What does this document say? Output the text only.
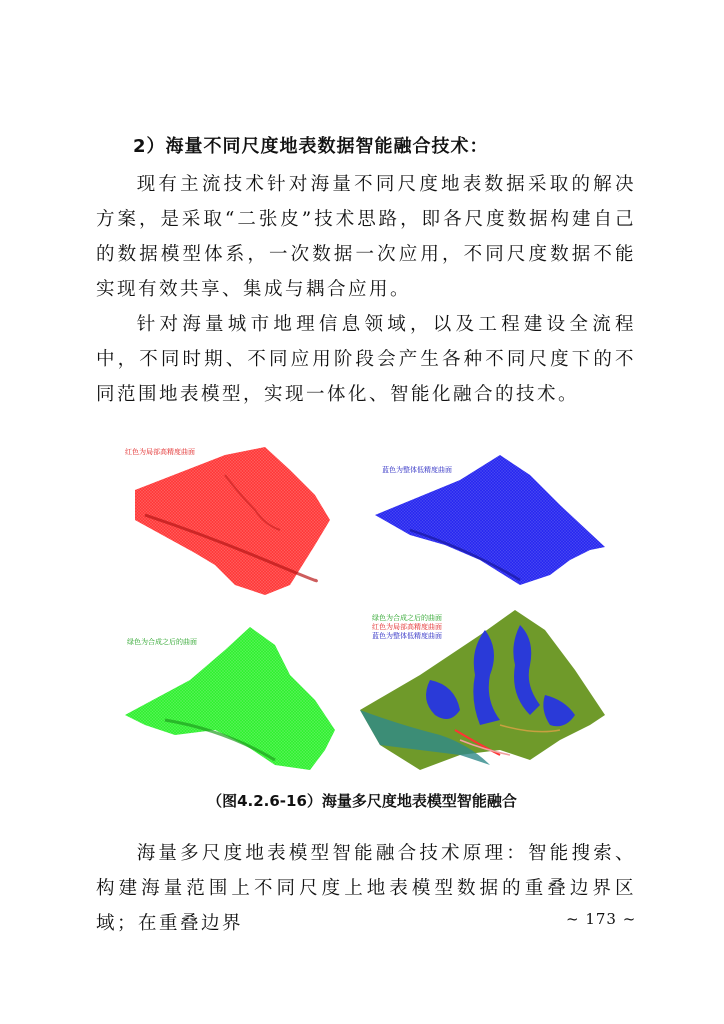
2）海量不同尺度地表数据智能融合技术：

现有主流技术针对海量不同尺度地表数据采取的解决方案，是采取“二张皮”技术思路，即各尺度数据构建自己的数据模型体系，一次数据一次应用，不同尺度数据不能实现有效共享、集成与耦合应用。

针对海量城市地理信息领域，以及工程建设全流程中，不同时期、不同应用阶段会产生各种不同尺度下的不同范围地表模型，实现一体化、智能化融合的技术。

红色为局部高精度曲面
蓝色为整体低精度曲面
绿色为合成之后的曲面
绿色为合成之后的曲面
红色为局部高精度曲面
蓝色为整体低精度曲面
（图4.2.6-16）海量多尺度地表模型智能融合

海量多尺度地表模型智能融合技术原理：智能搜索、构建海量范围上不同尺度上地表模型数据的重叠边界区域；在重叠边界	~ 173 ~
